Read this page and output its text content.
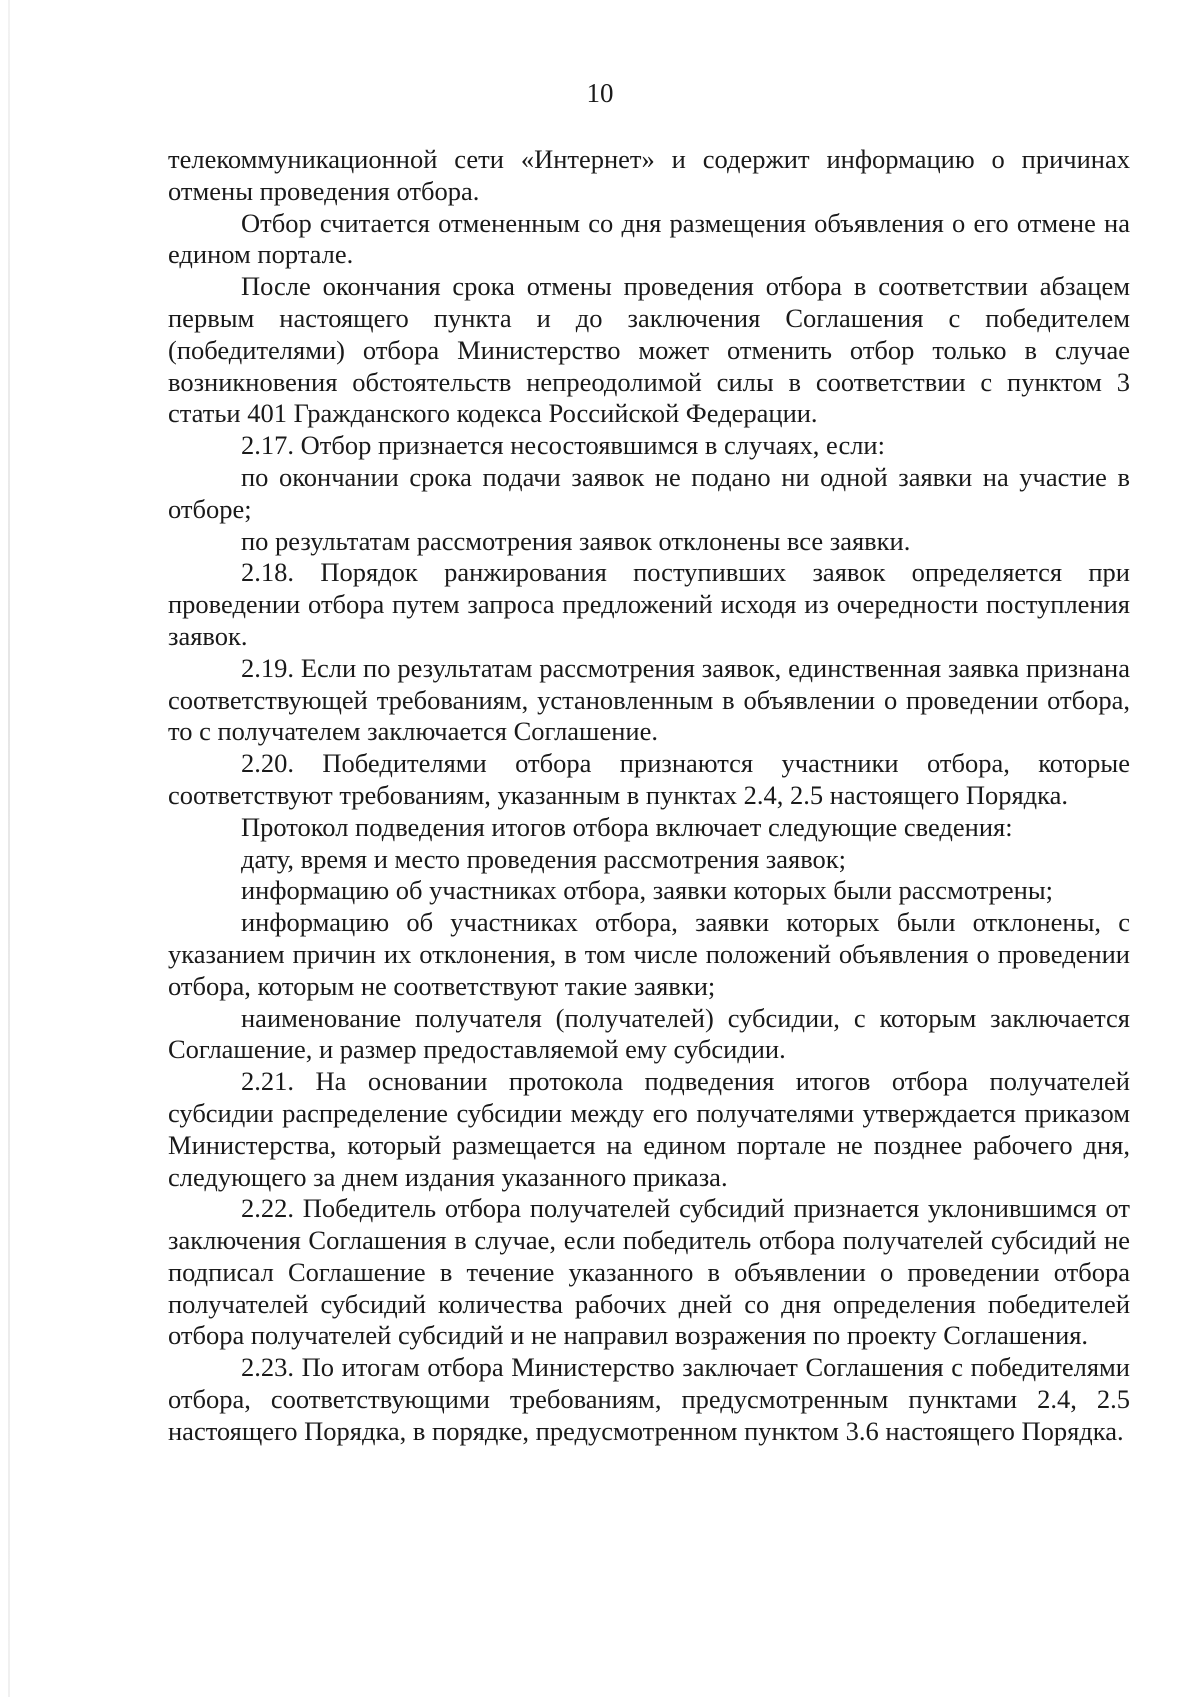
10

телекоммуникационной сети «Интернет» и содержит информацию о причинах отмены проведения отбора.

Отбор считается отмененным со дня размещения объявления о его отмене на едином портале.

После окончания срока отмены проведения отбора в соответствии абзацем первым настоящего пункта и до заключения Соглашения с победителем (победителями) отбора Министерство может отменить отбор только в случае возникновения обстоятельств непреодолимой силы в соответствии с пунктом 3 статьи 401 Гражданского кодекса Российской Федерации.

2.17. Отбор признается несостоявшимся в случаях, если:

по окончании срока подачи заявок не подано ни одной заявки на участие в отборе;

по результатам рассмотрения заявок отклонены все заявки.

2.18. Порядок ранжирования поступивших заявок определяется при проведении отбора путем запроса предложений исходя из очередности поступления заявок.

2.19. Если по результатам рассмотрения заявок, единственная заявка признана соответствующей требованиям, установленным в объявлении о проведении отбора, то с получателем заключается Соглашение.

2.20. Победителями отбора признаются участники отбора, которые соответствуют требованиям, указанным в пунктах 2.4, 2.5 настоящего Порядка.

Протокол подведения итогов отбора включает следующие сведения:

дату, время и место проведения рассмотрения заявок;

информацию об участниках отбора, заявки которых были рассмотрены;

информацию об участниках отбора, заявки которых были отклонены, с указанием причин их отклонения, в том числе положений объявления о проведении отбора, которым не соответствуют такие заявки;

наименование получателя (получателей) субсидии, с которым заключается Соглашение, и размер предоставляемой ему субсидии.

2.21. На основании протокола подведения итогов отбора получателей субсидии распределение субсидии между его получателями утверждается приказом Министерства, который размещается на едином портале не позднее рабочего дня, следующего за днем издания указанного приказа.

2.22. Победитель отбора получателей субсидий признается уклонившимся от заключения Соглашения в случае, если победитель отбора получателей субсидий не подписал Соглашение в течение указанного в объявлении о проведении отбора получателей субсидий количества рабочих дней со дня определения победителей отбора получателей субсидий и не направил возражения по проекту Соглашения.

2.23. По итогам отбора Министерство заключает Соглашения с победителями отбора, соответствующими требованиям, предусмотренным пунктами 2.4, 2.5 настоящего Порядка, в порядке, предусмотренном пунктом 3.6 настоящего Порядка.
